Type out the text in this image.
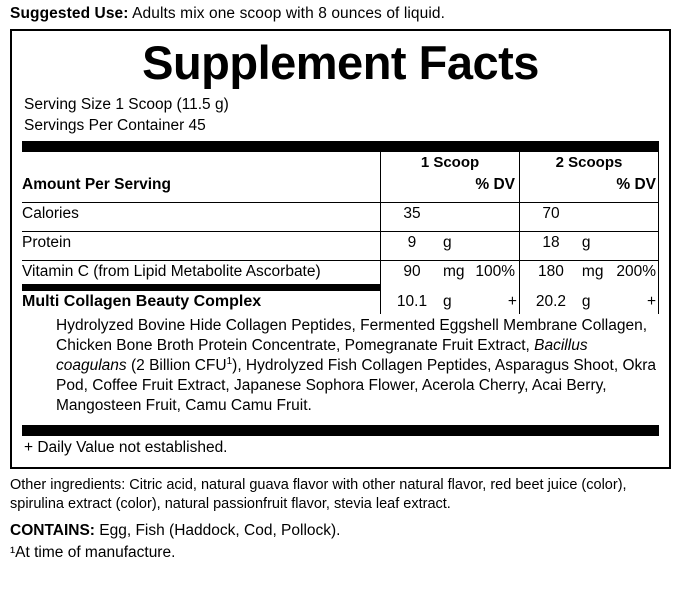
Suggested Use: Adults mix one scoop with 8 ounces of liquid.
Supplement Facts
Serving Size 1 Scoop (11.5 g)
Servings Per Container 45
	1 Scoop			2 Scoops		
Amount Per Serving			% DV			% DV

Calories	35			70		

Protein	9	g		18	g	

Vitamin C (from Lipid Metabolite Ascorbate)	90	mg	100%	180	mg	200%

Multi Collagen Beauty Complex	10.1	g	+	20.2	g	+
Hydrolyzed Bovine Hide Collagen Peptides, Fermented Eggshell Membrane Collagen, Chicken Bone Broth Protein Concentrate, Pomegranate Fruit Extract, Bacillus coagulans (2 Billion CFU$^1$), Hydrolyzed Fish Collagen Peptides, Asparagus Shoot, Okra Pod, Coffee Fruit Extract, Japanese Sophora Flower, Acerola Cherry, Acai Berry, Mangosteen Fruit, Camu Camu Fruit.
+ Daily Value not established.
Other ingredients: Citric acid, natural guava flavor with other natural flavor, red beet juice (color), spirulina extract (color), natural passionfruit flavor, stevia leaf extract.
CONTAINS: Egg, Fish (Haddock, Cod, Pollock).
¹At time of manufacture.
